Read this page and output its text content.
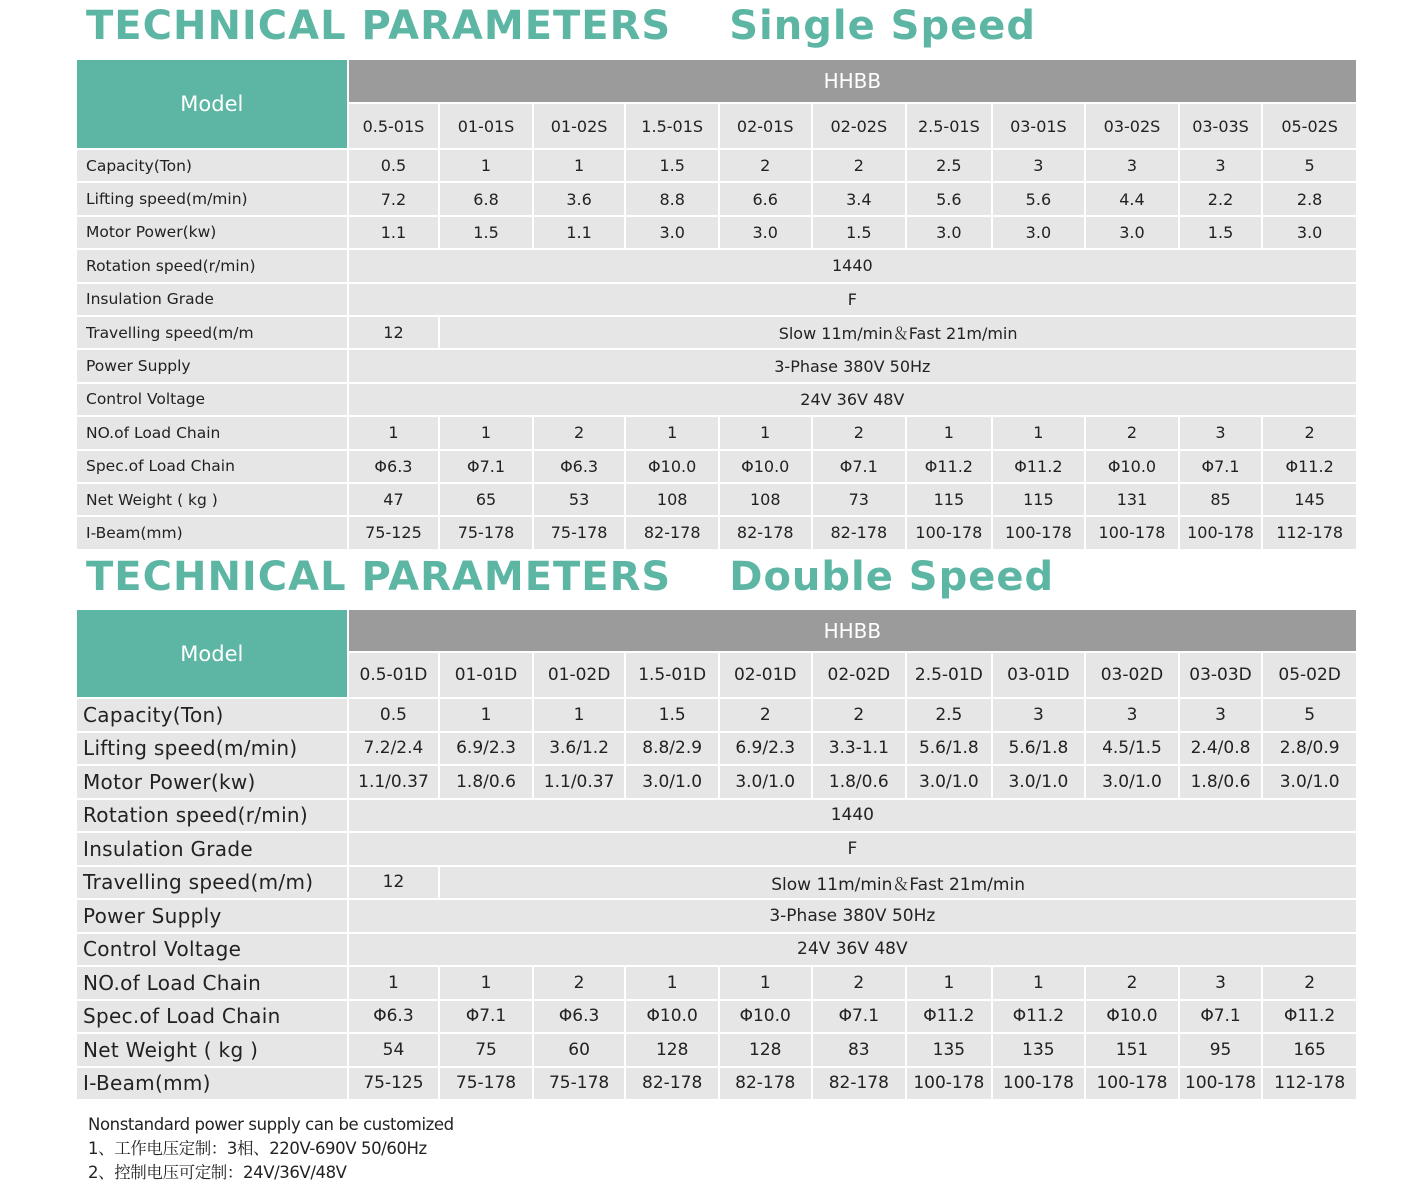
TECHNICAL PARAMETERS Single Speed
Model	HHBB										
	0.5-01S	01-01S	01-02S	1.5-01S	02-01S	02-02S	2.5-01S	03-01S	03-02S	03-03S	05-02S
Capacity(Ton)	0.5	1	1	1.5	2	2	2.5	3	3	3	5
Lifting speed(m/min)	7.2	6.8	3.6	8.8	6.6	3.4	5.6	5.6	4.4	2.2	2.8
Motor Power(kw)	1.1	1.5	1.1	3.0	3.0	1.5	3.0	3.0	3.0	1.5	3.0
Rotation speed(r/min)	1440										
Insulation Grade	F										
Travelling speed(m/m	12	Slow 11m/min＆Fast 21m/min									
Power Supply	3-Phase 380V 50Hz										
Control Voltage	24V 36V 48V										
NO.of Load Chain	1	1	2	1	1	2	1	1	2	3	2
Spec.of Load Chain	Φ6.3	Φ7.1	Φ6.3	Φ10.0	Φ10.0	Φ7.1	Φ11.2	Φ11.2	Φ10.0	Φ7.1	Φ11.2
Net Weight ( kg )	47	65	53	108	108	73	115	115	131	85	145
I-Beam(mm)	75-125	75-178	75-178	82-178	82-178	82-178	100-178	100-178	100-178	100-178	112-178
TECHNICAL PARAMETERS Double Speed
Model	HHBB										
	0.5-01D	01-01D	01-02D	1.5-01D	02-01D	02-02D	2.5-01D	03-01D	03-02D	03-03D	05-02D
Capacity(Ton)	0.5	1	1	1.5	2	2	2.5	3	3	3	5
Lifting speed(m/min)	7.2/2.4	6.9/2.3	3.6/1.2	8.8/2.9	6.9/2.3	3.3-1.1	5.6/1.8	5.6/1.8	4.5/1.5	2.4/0.8	2.8/0.9
Motor Power(kw)	1.1/0.37	1.8/0.6	1.1/0.37	3.0/1.0	3.0/1.0	1.8/0.6	3.0/1.0	3.0/1.0	3.0/1.0	1.8/0.6	3.0/1.0
Rotation speed(r/min)	1440										
Insulation Grade	F										
Travelling speed(m/m)	12	Slow 11m/min＆Fast 21m/min									
Power Supply	3-Phase 380V 50Hz										
Control Voltage	24V 36V 48V										
NO.of Load Chain	1	1	2	1	1	2	1	1	2	3	2
Spec.of Load Chain	Φ6.3	Φ7.1	Φ6.3	Φ10.0	Φ10.0	Φ7.1	Φ11.2	Φ11.2	Φ10.0	Φ7.1	Φ11.2
Net Weight ( kg )	54	75	60	128	128	83	135	135	151	95	165
I-Beam(mm)	75-125	75-178	75-178	82-178	82-178	82-178	100-178	100-178	100-178	100-178	112-178
Nonstandard power supply can be customized
1、工作电压定制：3相、220V-690V 50/60Hz
2、控制电压可定制：24V/36V/48V
